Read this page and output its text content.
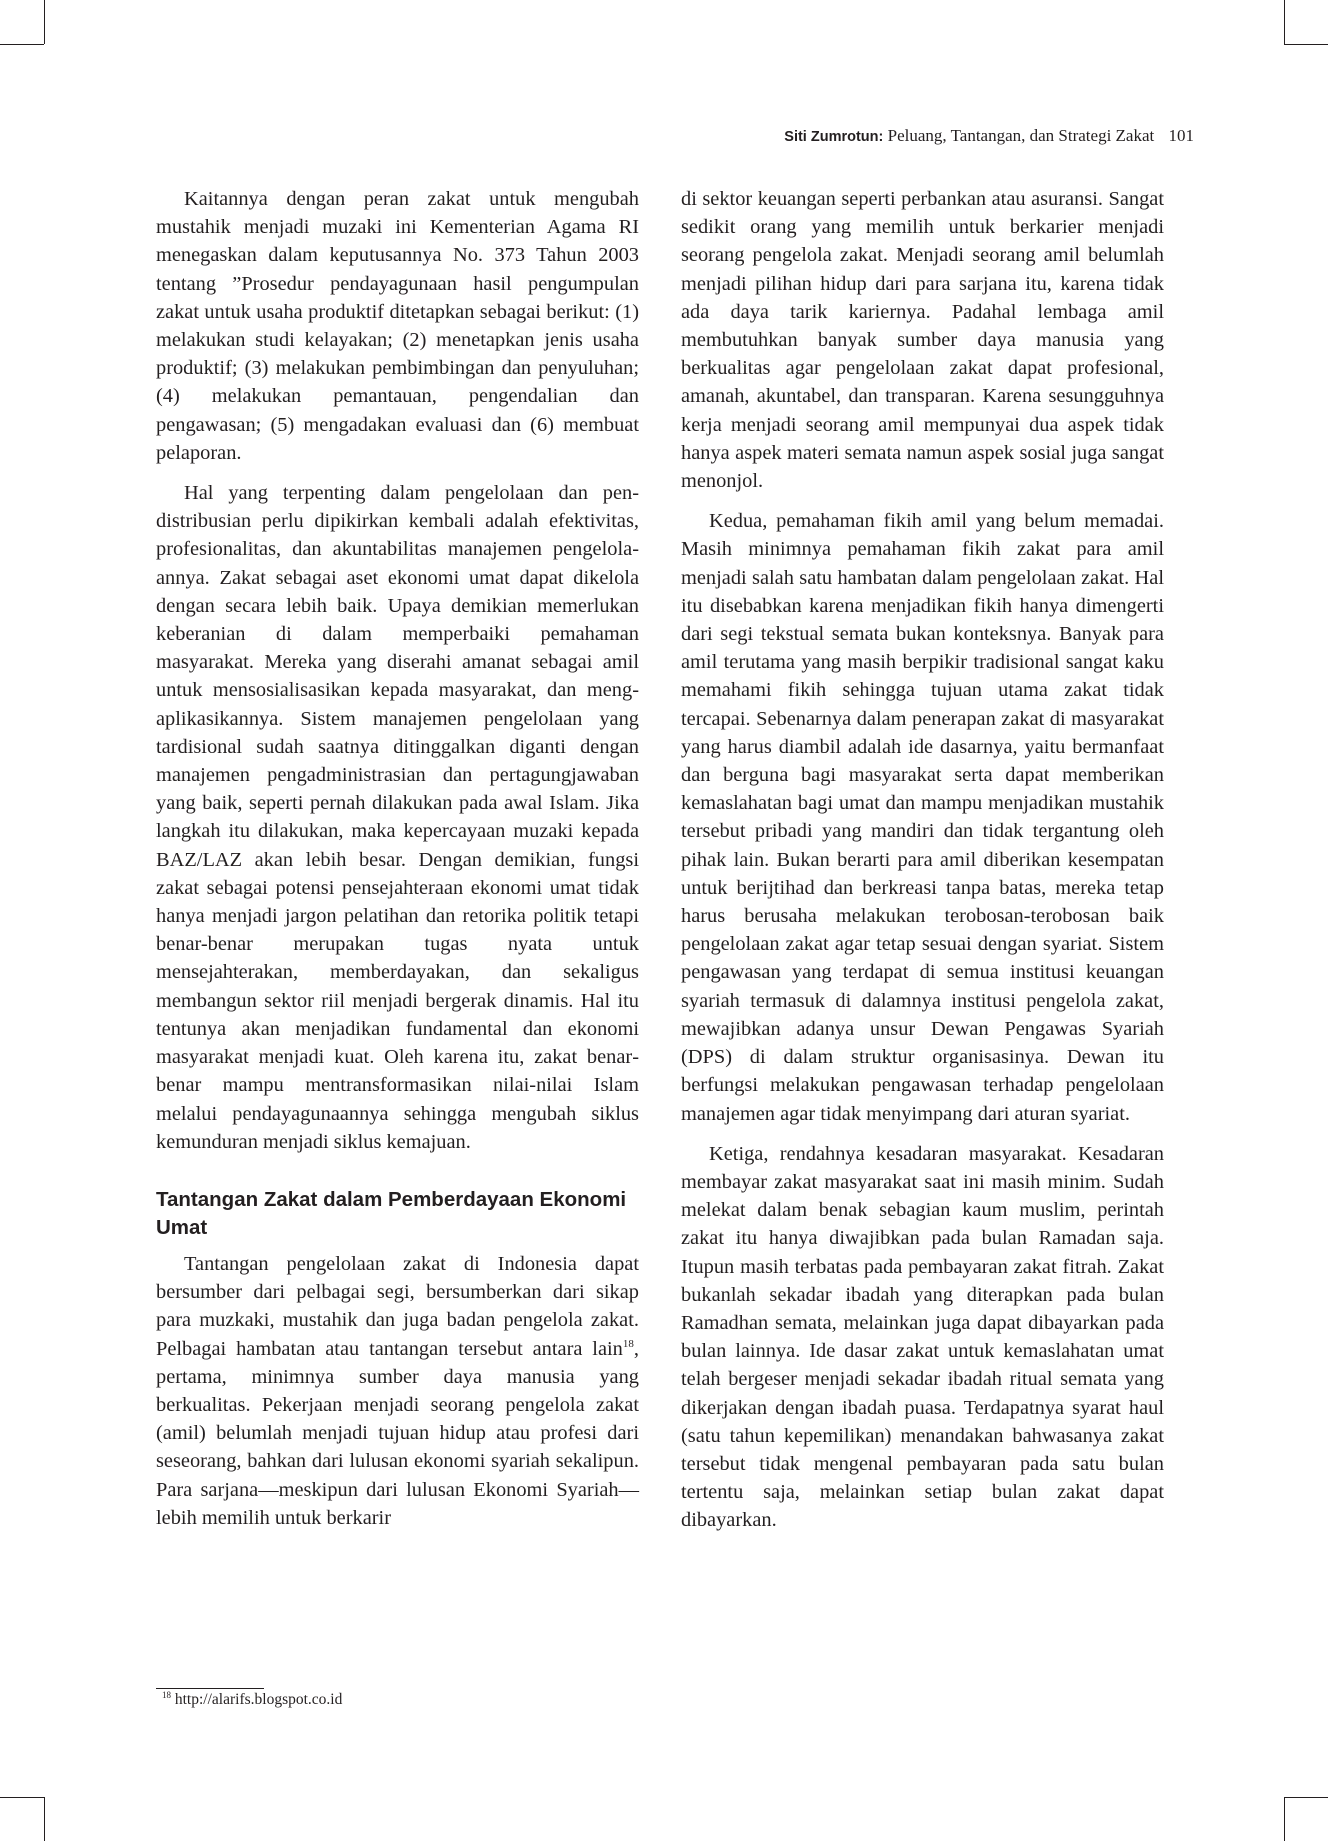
Siti Zumrotun: Peluang, Tantangan, dan Strategi Zakat 101

Kaitannya dengan peran zakat untuk mengubah mustahik menjadi muzaki ini Kementerian Agama RI menegaskan dalam keputusannya No. 373 Tahun 2003 tentang ”Prosedur pendayagunaan hasil pengumpulan zakat untuk usaha produktif ditetapkan sebagai berikut: (1) melakukan studi kelayakan; (2) menetapkan jenis usaha produktif; (3) melakukan pembimbingan dan penyuluhan; (4) melakukan pemantauan, pengendalian dan pengawasan; (5) mengadakan evaluasi dan (6) membuat pelaporan.

Hal yang terpenting dalam pengelolaan dan pendistribusian perlu dipikirkan kembali adalah efektivitas, profesionalitas, dan akuntabilitas manajemen pengelolaannya. Zakat sebagai aset ekonomi umat dapat dikelola dengan secara lebih baik. Upaya demikian memerlukan keberanian di dalam memperbaiki pemahaman masyarakat. Mereka yang diserahi amanat sebagai amil untuk mensosialisasikan kepada masyarakat, dan mengaplikasikannya. Sistem manajemen pengelolaan yang tardisional sudah saatnya ditinggalkan diganti dengan manajemen pengadministrasian dan pertagungjawaban yang baik, seperti pernah dilakukan pada awal Islam. Jika langkah itu dilakukan, maka kepercayaan muzaki kepada BAZ/LAZ akan lebih besar. Dengan demikian, fungsi zakat sebagai potensi pensejahteraan ekonomi umat tidak hanya menjadi jargon pelatihan dan retorika politik tetapi benar-benar merupakan tugas nyata untuk mensejahterakan, memberdayakan, dan sekaligus membangun sektor riil menjadi bergerak dinamis. Hal itu tentunya akan menjadikan fundamental dan ekonomi masyarakat menjadi kuat. Oleh karena itu, zakat benarbenar mampu mentransformasikan nilai-nilai Islam melalui pendayagunaannya sehingga mengubah siklus kemunduran menjadi siklus kemajuan.

Tantangan Zakat dalam Pemberdayaan Ekonomi Umat

Tantangan pengelolaan zakat di Indonesia dapat bersumber dari pelbagai segi, bersumberkan dari sikap para muzkaki, mustahik dan juga badan pengelola zakat. Pelbagai hambatan atau tantangan tersebut antara lain$^{18}$, pertama, minimnya sumber daya manusia yang berkualitas. Pekerjaan menjadi seorang pengelola zakat (amil) belumlah menjadi tujuan hidup atau profesi dari seseorang, bahkan dari lulusan ekonomi syariah sekalipun. Para sarjana—meskipun dari lulusan Ekonomi Syariah—lebih memilih untuk berkarir

di sektor keuangan seperti perbankan atau asuransi. Sangat sedikit orang yang memilih untuk berkarier menjadi seorang pengelola zakat. Menjadi seorang amil belumlah menjadi pilihan hidup dari para sarjana itu, karena tidak ada daya tarik kariernya. Padahal lembaga amil membutuhkan banyak sumber daya manusia yang berkualitas agar pengelolaan zakat dapat profesional, amanah, akuntabel, dan transparan. Karena sesungguhnya kerja menjadi seorang amil mempunyai dua aspek tidak hanya aspek materi semata namun aspek sosial juga sangat menonjol.

Kedua, pemahaman fikih amil yang belum memadai. Masih minimnya pemahaman fikih zakat para amil menjadi salah satu hambatan dalam pengelolaan zakat. Hal itu disebabkan karena menjadikan fikih hanya dimengerti dari segi tekstual semata bukan konteksnya. Banyak para amil terutama yang masih berpikir tradisional sangat kaku memahami fikih sehingga tujuan utama zakat tidak tercapai. Sebenarnya dalam penerapan zakat di masyarakat yang harus diambil adalah ide dasarnya, yaitu bermanfaat dan berguna bagi masyarakat serta dapat memberikan kemaslahatan bagi umat dan mampu menjadikan mustahik tersebut pribadi yang mandiri dan tidak tergantung oleh pihak lain. Bukan berarti para amil diberikan kesempatan untuk berijtihad dan berkreasi tanpa batas, mereka tetap harus berusaha melakukan terobosan-terobosan baik pengelolaan zakat agar tetap sesuai dengan syariat. Sistem pengawasan yang terdapat di semua institusi keuangan syariah termasuk di dalamnya institusi pengelola zakat, mewajibkan adanya unsur Dewan Pengawas Syariah (DPS) di dalam struktur organisasinya. Dewan itu berfungsi melakukan pengawasan terhadap pengelolaan manajemen agar tidak menyimpang dari aturan syariat.

Ketiga, rendahnya kesadaran masyarakat. Kesadaran membayar zakat masyarakat saat ini masih minim. Sudah melekat dalam benak sebagian kaum muslim, perintah zakat itu hanya diwajibkan pada bulan Ramadan saja. Itupun masih terbatas pada pembayaran zakat fitrah. Zakat bukanlah sekadar ibadah yang diterapkan pada bulan Ramadhan semata, melainkan juga dapat dibayarkan pada bulan lainnya. Ide dasar zakat untuk kemaslahatan umat telah bergeser menjadi sekadar ibadah ritual semata yang dikerjakan dengan ibadah puasa. Terdapatnya syarat haul (satu tahun kepemilikan) menandakan bahwasanya zakat tersebut tidak mengenal pembayaran pada satu bulan tertentu saja, melainkan setiap bulan zakat dapat dibayarkan.

$^{18}$ http://alarifs.blogspot.co.id
